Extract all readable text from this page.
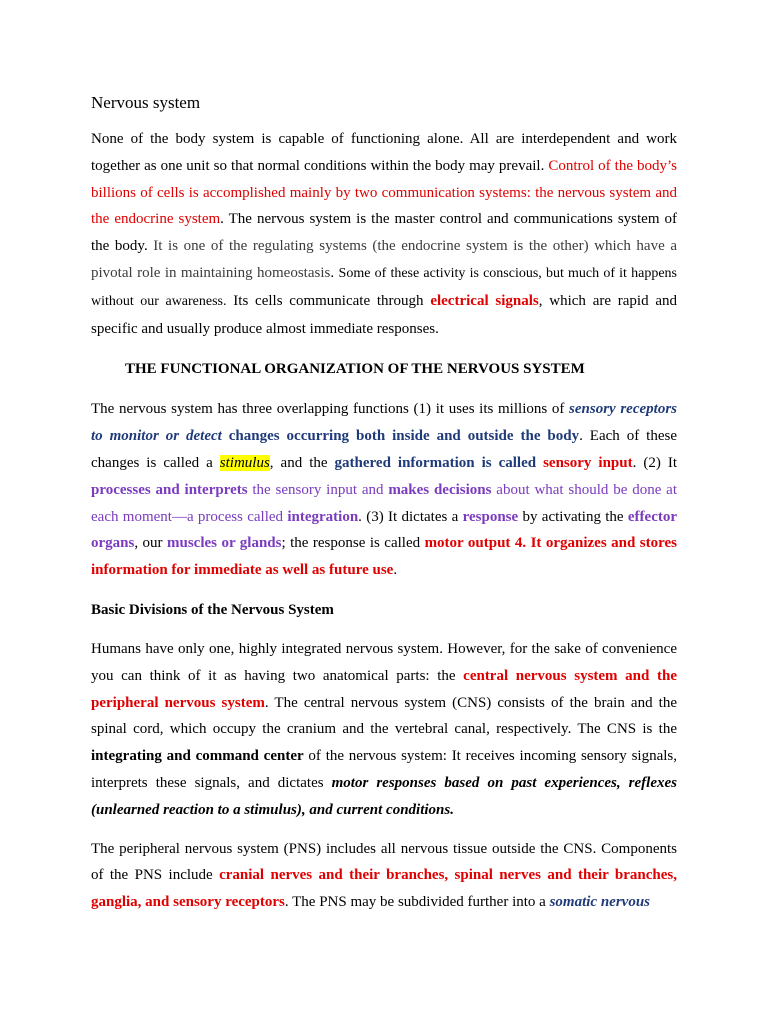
Nervous system

None of the body system is capable of functioning alone. All are interdependent and work together as one unit so that normal conditions within the body may prevail. Control of the body’s billions of cells is accomplished mainly by two communication systems: the nervous system and the endocrine system. The nervous system is the master control and communications system of the body. It is one of the regulating systems (the endocrine system is the other) which have a pivotal role in maintaining homeostasis. Some of these activity is conscious, but much of it happens without our awareness. Its cells communicate through electrical signals, which are rapid and specific and usually produce almost immediate responses.

THE FUNCTIONAL ORGANIZATION OF THE NERVOUS SYSTEM

The nervous system has three overlapping functions (1) it uses its millions of sensory receptors to monitor or detect changes occurring both inside and outside the body. Each of these changes is called a stimulus, and the gathered information is called sensory input. (2) It processes and interprets the sensory input and makes decisions about what should be done at each moment—a process called integration. (3) It dictates a response by activating the effector organs, our muscles or glands; the response is called motor output 4. It organizes and stores information for immediate as well as future use.

Basic Divisions of the Nervous System

Humans have only one, highly integrated nervous system. However, for the sake of convenience you can think of it as having two anatomical parts: the central nervous system and the peripheral nervous system. The central nervous system (CNS) consists of the brain and the spinal cord, which occupy the cranium and the vertebral canal, respectively. The CNS is the integrating and command center of the nervous system: It receives incoming sensory signals, interprets these signals, and dictates motor responses based on past experiences, reflexes (unlearned reaction to a stimulus), and current conditions.

The peripheral nervous system (PNS) includes all nervous tissue outside the CNS. Components of the PNS include cranial nerves and their branches, spinal nerves and their branches, ganglia, and sensory receptors. The PNS may be subdivided further into a somatic nervous
